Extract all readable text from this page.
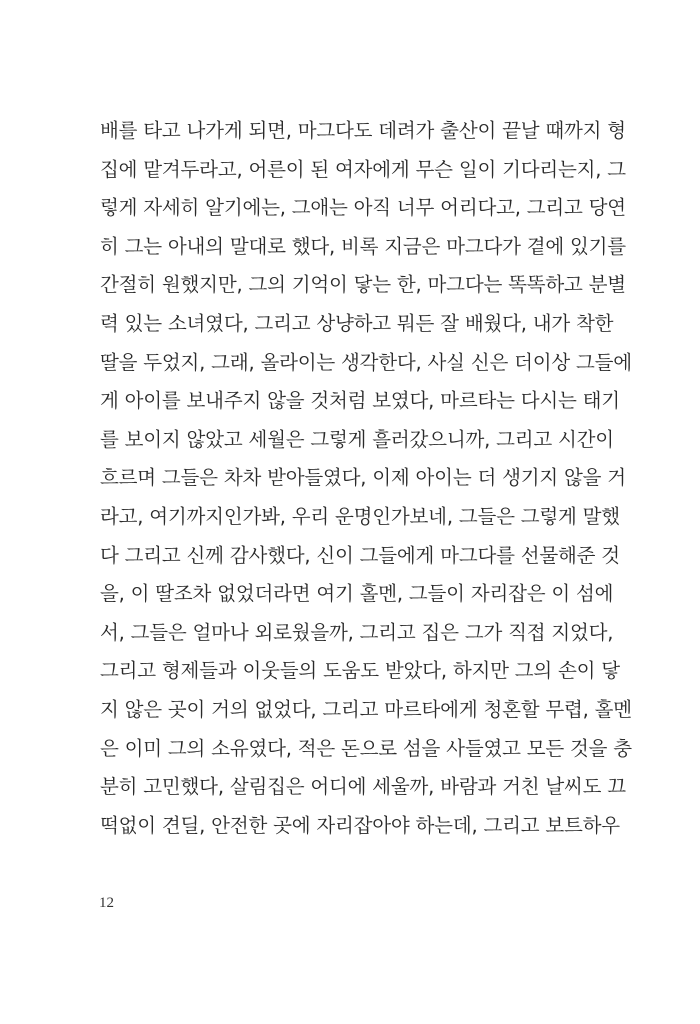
배를 타고 나가게 되면, 마그다도 데려가 출산이 끝날 때까지 형
집에 맡겨두라고, 어른이 된 여자에게 무슨 일이 기다리는지, 그
렇게 자세히 알기에는, 그애는 아직 너무 어리다고, 그리고 당연
히 그는 아내의 말대로 했다, 비록 지금은 마그다가 곁에 있기를
간절히 원했지만, 그의 기억이 닿는 한, 마그다는 똑똑하고 분별
력 있는 소녀였다, 그리고 상냥하고 뭐든 잘 배웠다, 내가 착한
딸을 두었지, 그래, 올라이는 생각한다, 사실 신은 더이상 그들에
게 아이를 보내주지 않을 것처럼 보였다, 마르타는 다시는 태기
를 보이지 않았고 세월은 그렇게 흘러갔으니까, 그리고 시간이
흐르며 그들은 차차 받아들였다, 이제 아이는 더 생기지 않을 거
라고, 여기까지인가봐, 우리 운명인가보네, 그들은 그렇게 말했
다 그리고 신께 감사했다, 신이 그들에게 마그다를 선물해준 것
을, 이 딸조차 없었더라면 여기 홀멘, 그들이 자리잡은 이 섬에
서, 그들은 얼마나 외로웠을까, 그리고 집은 그가 직접 지었다,
그리고 형제들과 이웃들의 도움도 받았다, 하지만 그의 손이 닿
지 않은 곳이 거의 없었다, 그리고 마르타에게 청혼할 무렵, 홀멘
은 이미 그의 소유였다, 적은 돈으로 섬을 사들였고 모든 것을 충
분히 고민했다, 살림집은 어디에 세울까, 바람과 거친 날씨도 끄
떡없이 견딜, 안전한 곳에 자리잡아야 하는데, 그리고 보트하우
12
